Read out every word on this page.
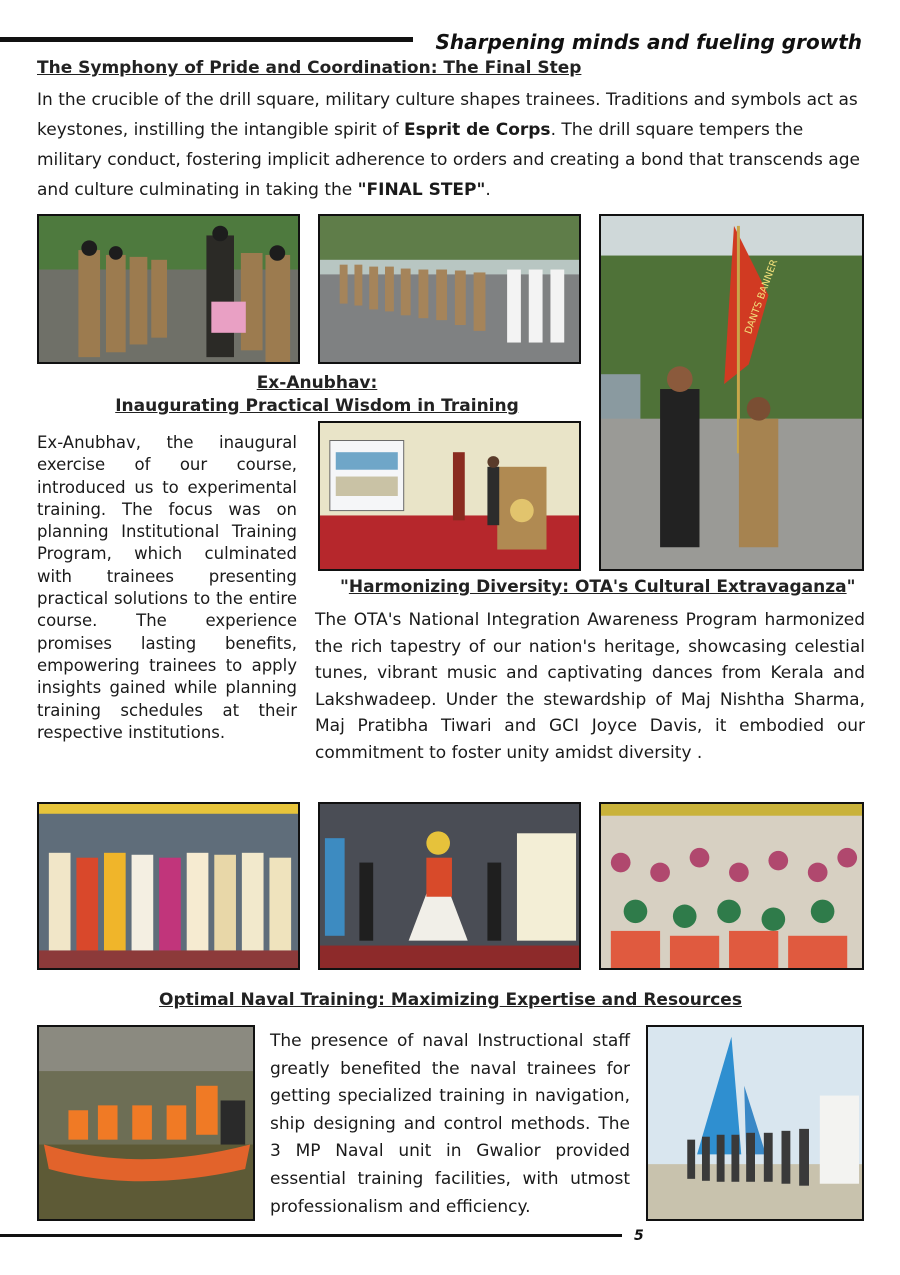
Sharpening minds and fueling growth
The Symphony of Pride and Coordination: The Final Step
In the crucible of the drill square, military culture shapes trainees. Traditions and symbols act as keystones, instilling the intangible spirit of Esprit de Corps. The drill square tempers the military conduct, fostering implicit adherence to orders and creating a bond that transcends age and culture culminating in taking the "FINAL STEP".
DANTS BANNER
Ex-Anubhav:
Inaugurating Practical Wisdom in Training
Ex-Anubhav, the inaugural exercise of our course, introduced us to experimental training. The focus was on planning Institutional Training Program, which culminated with trainees presenting practical solutions to the entire course. The experience promises lasting benefits, empowering trainees to apply insights gained while planning training schedules at their respective institutions.
"Harmonizing Diversity: OTA's Cultural Extravaganza"
The OTA's National Integration Awareness Program harmonized the rich tapestry of our nation's heritage, showcasing celestial tunes, vibrant music and captivating dances from Kerala and Lakshwadeep. Under the stewardship of Maj Nishtha Sharma, Maj Pratibha Tiwari and GCI Joyce Davis, it embodied our commitment to foster unity amidst diversity .
Optimal Naval Training: Maximizing Expertise and Resources
The presence of naval Instructional staff greatly benefited the naval trainees for getting specialized training in navigation, ship designing and control methods. The 3 MP Naval unit in Gwalior provided essential training facilities, with utmost professionalism and efficiency.
5
